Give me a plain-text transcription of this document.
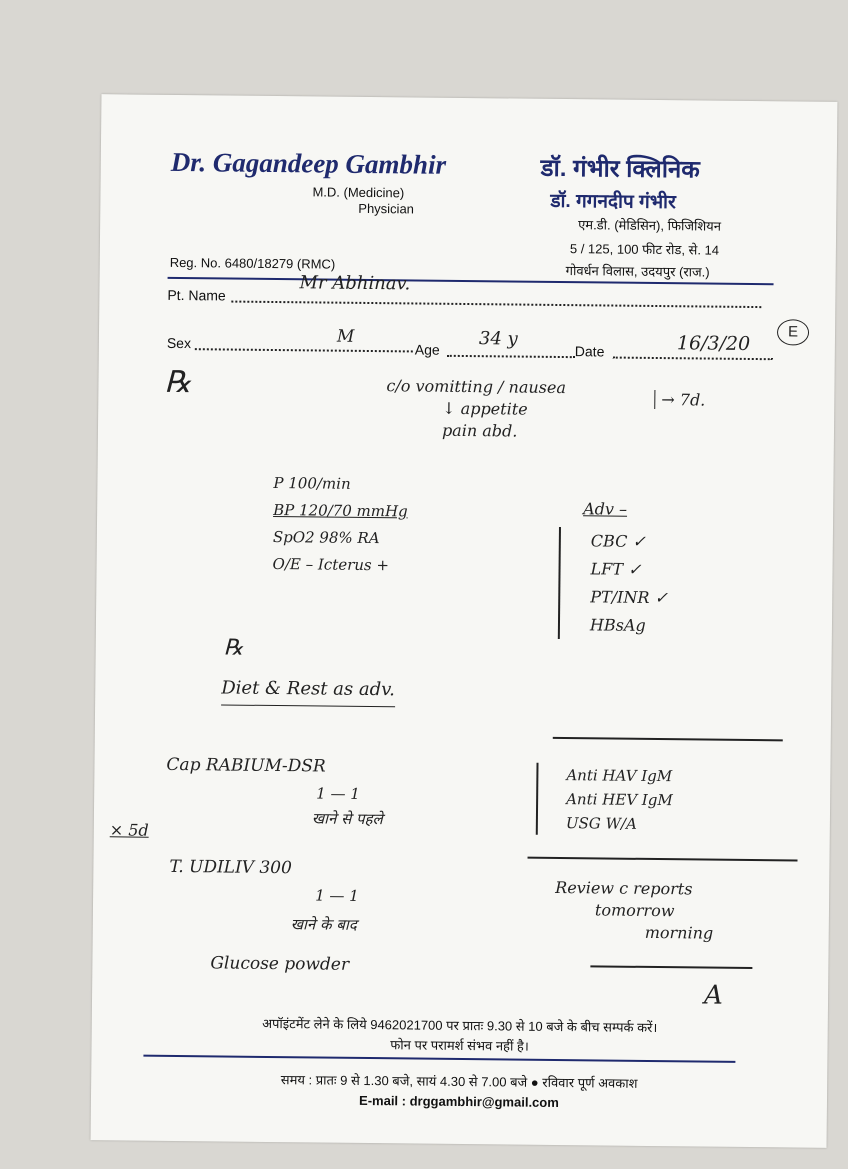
Dr. Gagandeep Gambhir
M.D. (Medicine)
Physician
डॉ. गंभीर क्लिनिक
डॉ. गगनदीप गंभीर
एम.डी. (मेडिसिन), फिजिशियन
5 / 125, 100 फीट रोड, से. 14
गोवर्धन विलास, उदयपुर (राज.)
Reg. No. 6480/18279 (RMC)
Pt. Name
Mr Abhinav.
Sex	M
Age
34 y
Date	16/3/20
E
℞	c/o vomitting / nausea
↓ appetite
pain abd.
→ 7d.
P 100/min
BP 120/70 mmHg
SpO2 98% RA
O/E – Icterus +
Adv –
CBC ✓
LFT ✓
PT/INR ✓
HBsAg
℞
Diet & Rest as adv.
Cap RABIUM-DSR
1 — 1
खाने से पहले
× 5d
T. UDILIV 300
1 — 1
खाने के बाद
Glucose powder
Anti HAV IgM
Anti HEV IgM
USG W/A
Review c reports
tomorrow
morning
A
अपॉइंटमेंट लेने के लिये 9462021700 पर प्रातः 9.30 से 10 बजे के बीच सम्पर्क करें।
फोन पर परामर्श संभव नहीं है।
समय : प्रातः 9 से 1.30 बजे, सायं 4.30 से 7.00 बजे ● रविवार पूर्ण अवकाश
E-mail : drggambhir@gmail.com
